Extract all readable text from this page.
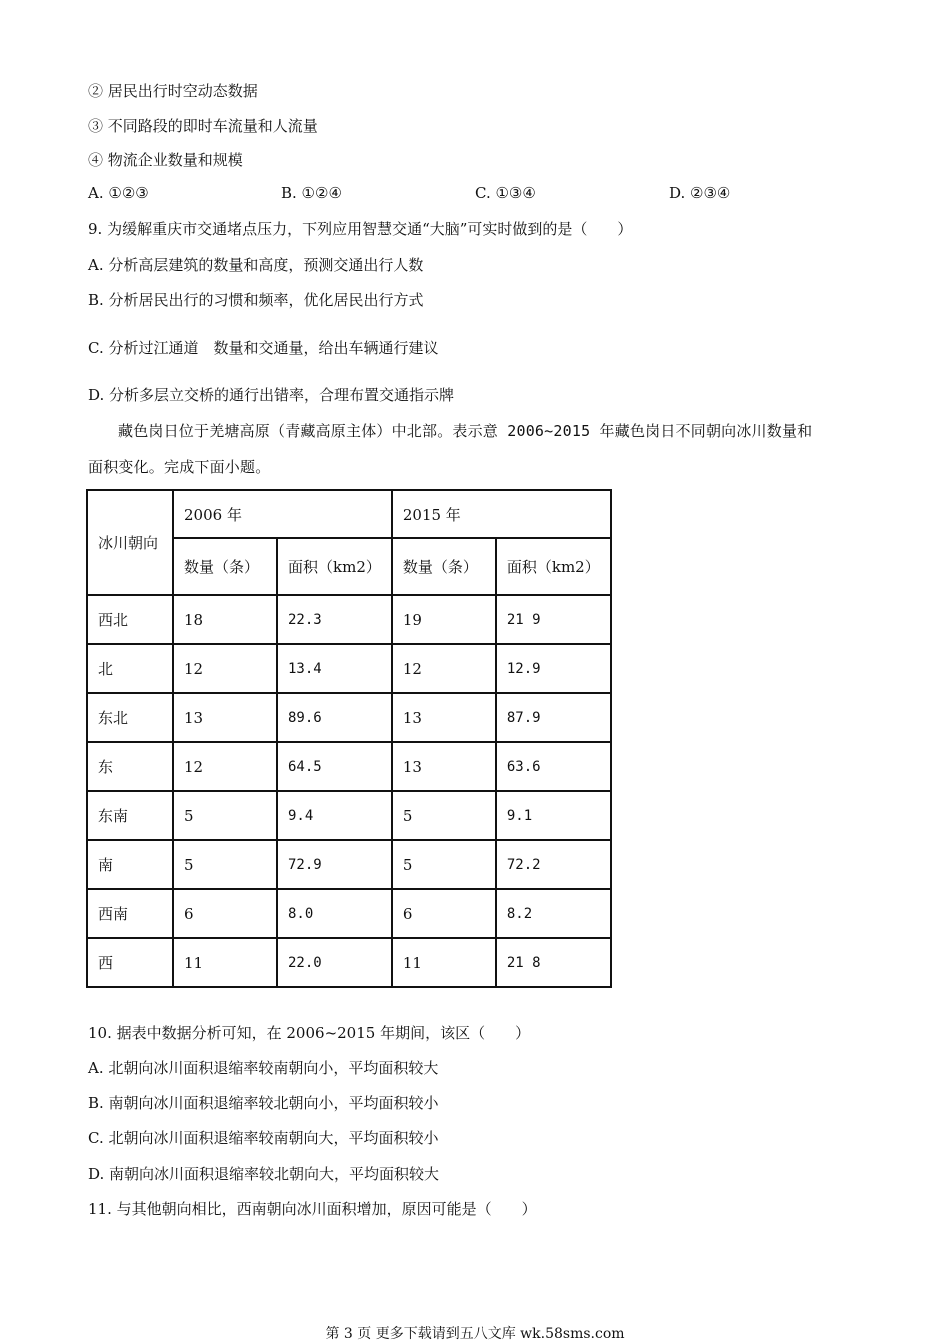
② 居民出行时空动态数据
③ 不同路段的即时车流量和人流量
④ 物流企业数量和规模
A. ①②③	B. ①②④	C. ①③④	D. ②③④
9. 为缓解重庆市交通堵点压力，下列应用智慧交通“大脑”可实时做到的是（　　）
A. 分析高层建筑的数量和高度，预测交通出行人数
B. 分析居民出行的习惯和频率，优化居民出行方式
C. 分析过江通道　数量和交通量，给出车辆通行建议
D. 分析多层立交桥的通行出错率，合理布置交通指示牌
藏色岗日位于羌塘高原（青藏高原主体）中北部。表示意 2006~2015 年藏色岗日不同朝向冰川数量和
面积变化。完成下面小题。
冰川朝向	2006 年		2015 年	
	数量（条）	面积（km2）	数量（条）	面积（km2）
西北	18	22.3	19	21 9
北	12	13.4	12	12.9
东北	13	89.6	13	87.9
东	12	64.5	13	63.6
东南	5	9.4	5	9.1
南	5	72.9	5	72.2
西南	6	8.0	6	8.2
西	11	22.0	11	21 8
10. 据表中数据分析可知，在 2006~2015 年期间，该区（　　）
A. 北朝向冰川面积退缩率较南朝向小，平均面积较大
B. 南朝向冰川面积退缩率较北朝向小，平均面积较小
C. 北朝向冰川面积退缩率较南朝向大，平均面积较小
D. 南朝向冰川面积退缩率较北朝向大，平均面积较大
11. 与其他朝向相比，西南朝向冰川面积增加，原因可能是（　　）
第 3 页 更多下载请到五八文库 wk.58sms.com
